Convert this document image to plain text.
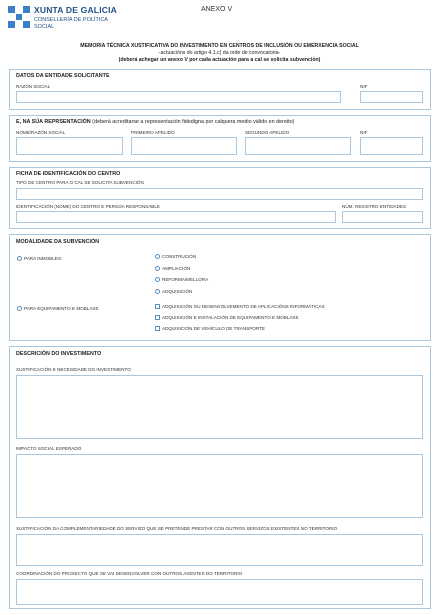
XUNTA DE GALICIA
CONSELLERÍA DE POLÍTICA
SOCIAL
ANEXO V
MEMORIA TÉCNICA XUSTIFICATIVA DO INVESTIMENTO EN CENTROS DE INCLUSIÓN OU EMERXENCIA SOCIAL
-actuacións do artigo 4.1.c) da orde de convocatoria-
(deberá achegar un anexo V por cada actuación para a cal se solicita subvención)
DATOS DA ENTIDADE SOLICITANTE
RAZÓN SOCIAL	NIF
E, NA SÚA REPRSENTACIÓN (deberá acreditarse a representación fidedigna por calquera medio válido en dereito)
NOME/RAZÓN SOCIAL	PRIMEIRO APELIDO	SEGUNDO APELIDO	NIF
FICHA DE IDENTIFICACIÓN DO CENTRO
TIPO DE CENTRO PARA O CAL SE SOLICITA SUBVENCIÓN
IDENTIFICACIÓN (NOME) DO CENTRO E PERSOA RESPONSABLE	NÚM. REXISTRO ENTIDADES
MODALIDADE DA SUBVENCIÓN
PARA INMOBLES:	CONSTRUCIÓN
AMPLIACIÓN
REFORMA/MELLORA
ADQUISICIÓN
PARA EQUIPAMENTO E MOBLAXE	ADQUISICIÓN OU DESENVOLVEMENTO DE APLICACIÓNS INFORMÁTICAS
ADQUISICIÓN E INSTALACIÓN DE EQUIPAMENTO E MOBLAXE
ADQUISICIÓN DE VEHÍCULO DE TRANSPORTE
DESCRICIÓN DO INVESTIMENTO
XUSTIFICACIÓN E NECESIDADE DO INVESTIMENTO
IMPACTO SOCIAL ESPERADO
XUSTIFICACIÓN DA COMPLEMENTARIEDADE DO SERVIZO QUE SE PRETENDE PRESTAR CON OUTROS SERVIZOS EXISTENTES NO TERRITORIO
COORDINACIÓN DO PROXECTO QUE SE VAI DESENVOLVER CON OUTROS AXENTES DO TERRITORIO
